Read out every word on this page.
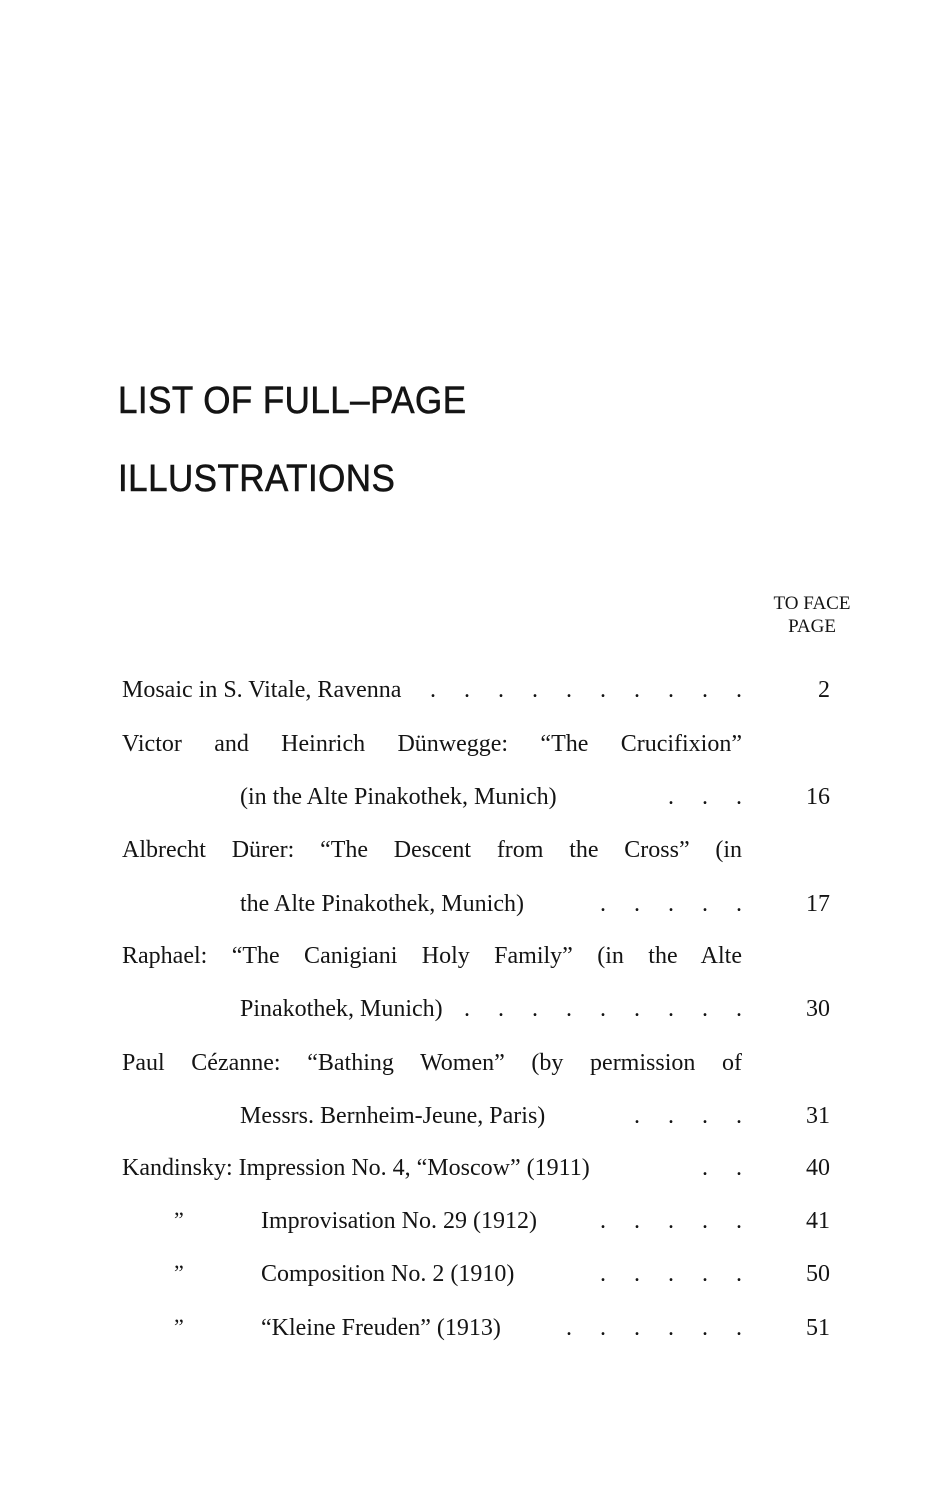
LIST OF FULL–PAGE
ILLUSTRATIONS
TO FACE
PAGE
Mosaic in S. Vitale, Ravenna	. . . . . . . . . .	2
Victor and Heinrich Dünwegge: “The Crucifixion”
(in the Alte Pinakothek, Munich)	. . . 16
Albrecht Dürer: “The Descent from the Cross” (in
the Alte Pinakothek, Munich)	. . . . . 17
Raphael: “The Canigiani Holy Family” (in the Alte
Pinakothek, Munich) . . . . . . . . . 30
Paul Cézanne: “Bathing Women” (by permission of
Messrs. Bernheim-Jeune, Paris)	. . . . 31
Kandinsky: Impression No. 4, “Moscow” (1911)	. . 40
”	Improvisation No. 29 (1912)	. . . . . 41
”	Composition No. 2 (1910)	. . . . . 50
”	“Kleine Freuden” (1913)	. . . . . . 51
